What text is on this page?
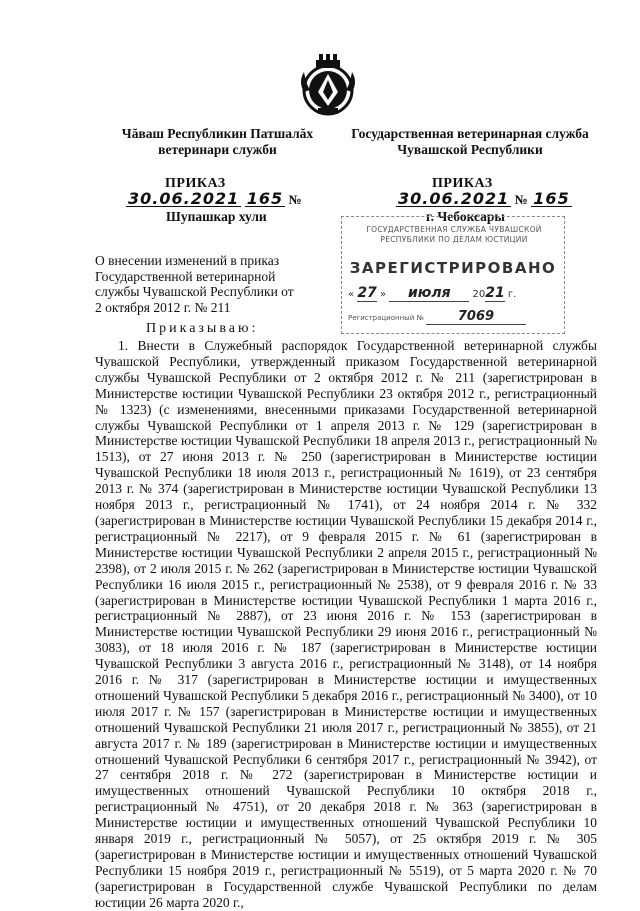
Чăваш Республикин Патшалăх ветеринари служби
Государственная ветеринарная служба Чувашской Республики
ПРИКАЗ	ПРИКАЗ
30.06.2021 165 №	30.06.2021 № 165
Шупашкар хули	г. Чебоксары
ГОСУДАРСТВЕННАЯ СЛУЖБА ЧУВАШСКОЙ РЕСПУБЛИКИ ПО ДЕЛАМ ЮСТИЦИИ
ЗАРЕГИСТРИРОВАНО
« 27 » июля 2021 г.
Регистрационный №	7069
О внесении изменений в приказ Государственной ветеринарной службы Чувашской Республики от 2 октября 2012 г. № 211
Приказываю:
1. Внести в Служебный распорядок Государственной ветеринарной службы Чувашской Республики, утвержденный приказом Государственной ветеринарной службы Чувашской Республики от 2 октября 2012 г. № 211 (зарегистрирован в Министерстве юстиции Чувашской Республики 23 октября 2012 г., регистрационный № 1323) (с изменениями, внесенными приказами Государственной ветеринарной службы Чувашской Республики от 1 апреля 2013 г. № 129 (зарегистрирован в Министерстве юстиции Чувашской Республики 18 апреля 2013 г., регистрационный № 1513), от 27 июня 2013 г. № 250 (зарегистрирован в Министерстве юстиции Чувашской Республики 18 июля 2013 г., регистрационный № 1619), от 23 сентября 2013 г. № 374 (зарегистрирован в Министерстве юстиции Чувашской Республики 13 ноября 2013 г., регистрационный № 1741), от 24 ноября 2014 г. № 332 (зарегистрирован в Министерстве юстиции Чувашской Республики 15 декабря 2014 г., регистрационный № 2217), от 9 февраля 2015 г. № 61 (зарегистрирован в Министерстве юстиции Чувашской Республики 2 апреля 2015 г., регистрационный № 2398), от 2 июля 2015 г. № 262 (зарегистрирован в Министерстве юстиции Чувашской Республики 16 июля 2015 г., регистрационный № 2538), от 9 февраля 2016 г. № 33 (зарегистрирован в Министерстве юстиции Чувашской Республики 1 марта 2016 г., регистрационный № 2887), от 23 июня 2016 г. № 153 (зарегистрирован в Министерстве юстиции Чувашской Республики 29 июня 2016 г., регистрационный № 3083), от 18 июля 2016 г. № 187 (зарегистрирован в Министерстве юстиции Чувашской Республики 3 августа 2016 г., регистрационный № 3148), от 14 ноября 2016 г. № 317 (зарегистрирован в Министерстве юстиции и имущественных отношений Чувашской Республики 5 декабря 2016 г., регистрационный № 3400), от 10 июля 2017 г. № 157 (зарегистрирован в Министерстве юстиции и имущественных отношений Чувашской Республики 21 июля 2017 г., регистрационный № 3855), от 21 августа 2017 г. № 189 (зарегистрирован в Министерстве юстиции и имущественных отношений Чувашской Республики 6 сентября 2017 г., регистрационный № 3942), от 27 сентября 2018 г. № 272 (зарегистрирован в Министерстве юстиции и имущественных отношений Чувашской Республики 10 октября 2018 г., регистрационный № 4751), от 20 декабря 2018 г. № 363 (зарегистрирован в Министерстве юстиции и имущественных отношений Чувашской Республики 10 января 2019 г., регистрационный № 5057), от 25 октября 2019 г. № 305 (зарегистрирован в Министерстве юстиции и имущественных отношений Чувашской Республики 15 ноября 2019 г., регистрационный № 5519), от 5 марта 2020 г. № 70 (зарегистрирован в Государственной службе Чувашской Республики по делам юстиции 26 марта 2020 г.,
